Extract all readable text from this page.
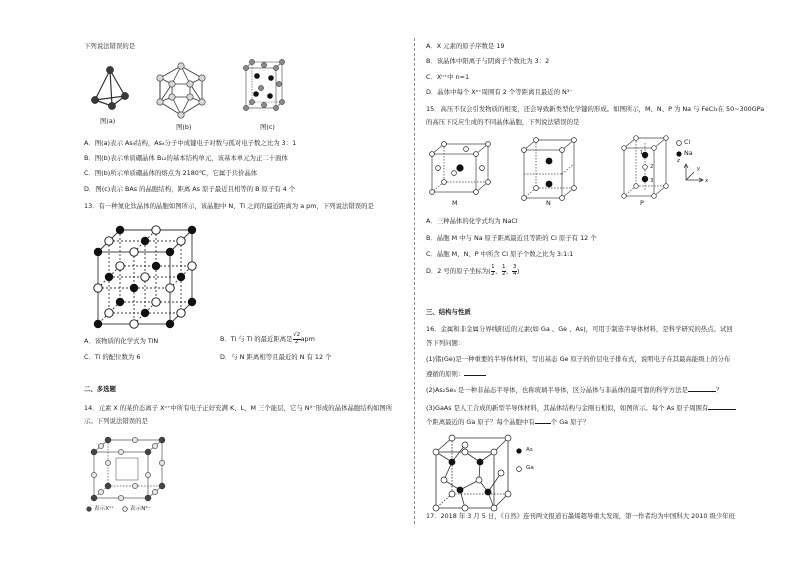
下列说法错误的是
图(a)
图(b)	图(c)
A．图(a)表示 As₄结构，As₄分子中成键电子对数与孤对电子数之比为 3：1
B．图(b)表示单质硼晶体 B₁₂的基本结构单元，该基本单元为正二十面体
C．图(b)所示单质硼晶体的熔点为 2180℃，它属于共价晶体
D．图(c)表示 BAs 的晶胞结构，距离 As 原子最近且相等的 B 原子有 4 个
13．有一种氮化钛晶体的晶胞如图所示，该晶胞中 N、Ti 之间的最近距离为 a pm，下列说法错误的是
A．该物质的化学式为 TiN	B．Ti 与 Ti 的最近距离是 $\frac{√2}{2}$ apm
C．Ti 的配位数为 6	D．与 N 距离相等且最近的 N 有 12 个
二、多选题
14．元素 X 的某价态离子 Xⁿ⁺中所有电子正好充满 K、L、M 三个能层，它与 N³⁻形成的晶体晶胞结构如图所
示。下列说法错误的是
表示Xⁿ⁺	表示N³⁻
A．X 元素的原子序数是 19
B．该晶体中阳离子与阴离子个数比为 3：2
C．Xⁿ⁺中 n=1
D．晶体中每个 Xⁿ⁺周围有 2 个等距离且最近的 N³⁻
15．高压不仅会引发物质的相变，还会导致新类型化学键的形成。如图所示，M、N、P 为 Na 与 FeCl₃在 50~300GPa
的高压下反应生成的不同晶体晶胞，下列说法错误的是
M	N
1
2
3
P
Cl
Na
z
y
x
A．三种晶体的化学式均为 NaCl
B．晶胞 M 中与 Na 原子距离最近且等距的 Cl 原子有 12 个
C．晶胞 M、N、P 中所含 Cl 原子个数之比为 3:1:1
D．2 号的原子坐标为( $\frac{1}{2}$ ， $\frac{1}{2}$ ， $\frac{3}{4}$ )
三、结构与性质
16．金属和非金属分界线附近的元素(如 Ga 、Ge 、As)，可用于制造半导体材料，是科学研究的热点。试回
答下列问题：
(1)锗(Ge)是一种重要的半导体材料，写出基态 Ge 原子的价层电子排布式，说明电子在其最高能级上的分布
遵循的原则：
(2)As₂Se₃ 是一种非晶态半导体，也称玻璃半导体，区分晶体与非晶体的最可靠的科学方法是	？
(3)GaAs 是人工合成的新型半导体材料，其晶体结构与金刚石相似，如图所示。每个 As 原子周围有
个距离最近的 Ga 原子？每个晶胞中有	个 Ga 原子？
As
Ga
17．2018 年 3 月 5 日，《自然》连刊两文报道石墨烯超导重大发现，第一作者均为中国科大 2010 级少年班
